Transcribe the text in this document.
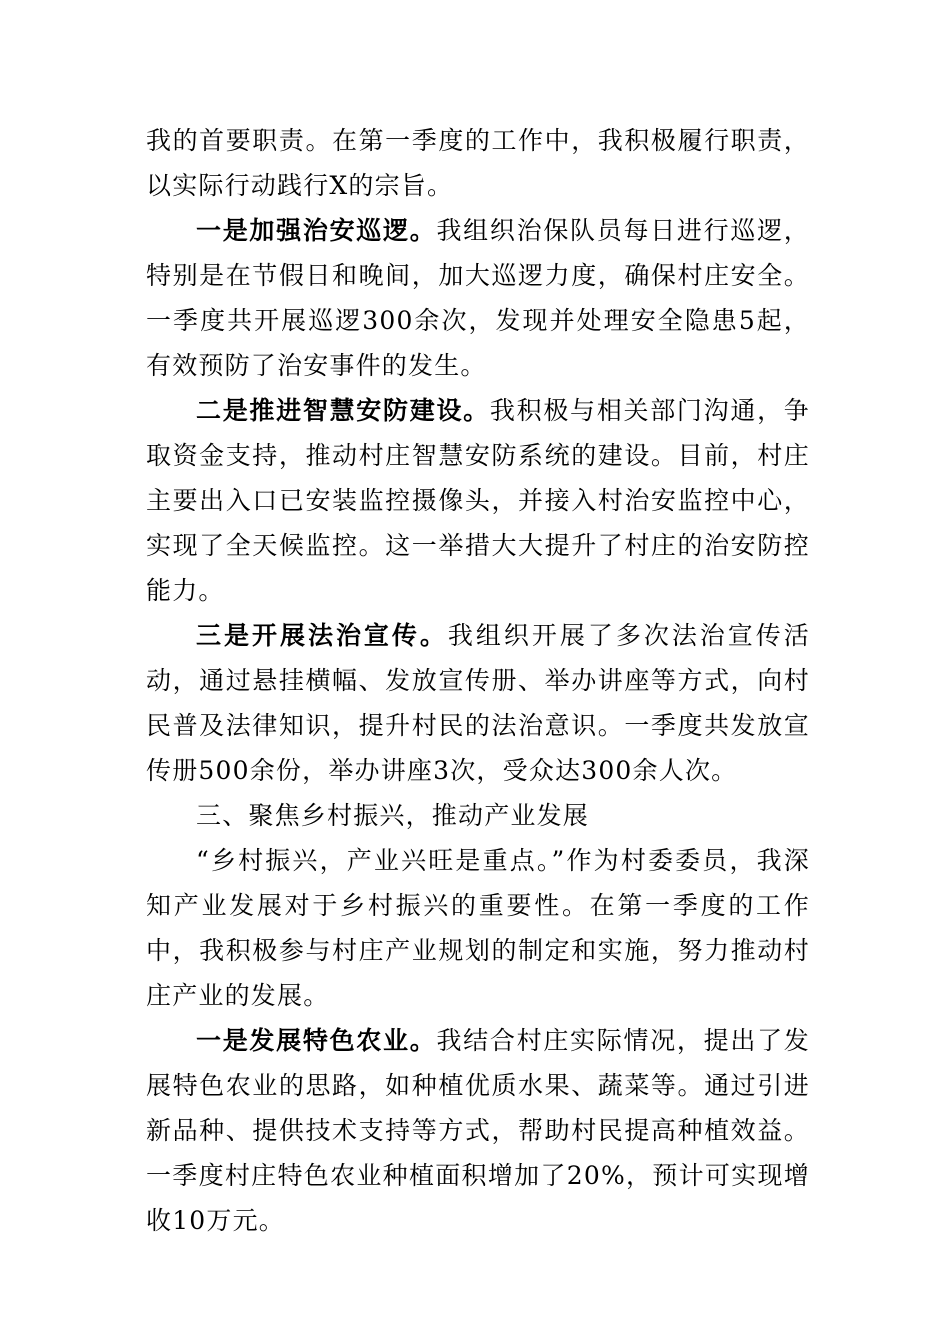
我的首要职责。在第一季度的工作中，我积极履行职责，以实际行动践行X的宗旨。

一是加强治安巡逻。我组织治保队员每日进行巡逻，特别是在节假日和晚间，加大巡逻力度，确保村庄安全。一季度共开展巡逻300余次，发现并处理安全隐患5起，有效预防了治安事件的发生。

二是推进智慧安防建设。我积极与相关部门沟通，争取资金支持，推动村庄智慧安防系统的建设。目前，村庄主要出入口已安装监控摄像头，并接入村治安监控中心，实现了全天候监控。这一举措大大提升了村庄的治安防控能力。

三是开展法治宣传。我组织开展了多次法治宣传活动，通过悬挂横幅、发放宣传册、举办讲座等方式，向村民普及法律知识，提升村民的法治意识。一季度共发放宣传册500余份，举办讲座3次，受众达300余人次。

三、聚焦乡村振兴，推动产业发展

“乡村振兴，产业兴旺是重点。”作为村委委员，我深知产业发展对于乡村振兴的重要性。在第一季度的工作中，我积极参与村庄产业规划的制定和实施，努力推动村庄产业的发展。

一是发展特色农业。我结合村庄实际情况，提出了发展特色农业的思路，如种植优质水果、蔬菜等。通过引进新品种、提供技术支持等方式，帮助村民提高种植效益。一季度村庄特色农业种植面积增加了20%，预计可实现增收10万元。
